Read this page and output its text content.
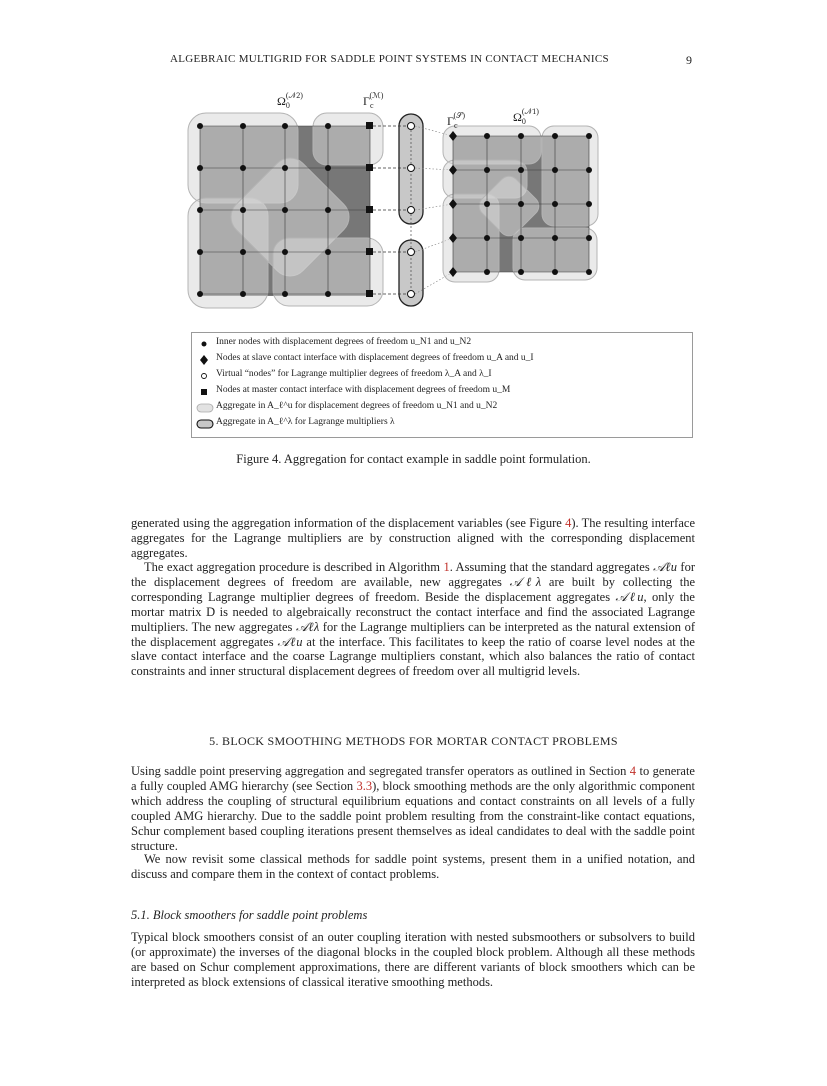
ALGEBRAIC MULTIGRID FOR SADDLE POINT SYSTEMS IN CONTACT MECHANICS	9
$\Omega_0(𝒩2)$	$\Gamma_c(ℳ)$
$\Gamma_c(𝒮)$	$\Omega_0(𝒩1)$
Inner nodes with displacement degrees of freedom u_N1 and u_N2
Nodes at slave contact interface with displacement degrees of freedom u_A and u_I
Virtual “nodes” for Lagrange multiplier degrees of freedom λ_A and λ_I
Nodes at master contact interface with displacement degrees of freedom u_M
Aggregate in A_ℓ^u for displacement degrees of freedom u_N1 and u_N2
Aggregate in A_ℓ^λ for Lagrange multipliers λ
Figure 4. Aggregation for contact example in saddle point formulation.

generated using the aggregation information of the displacement variables (see Figure 4). The resulting interface aggregates for the Lagrange multipliers are by construction aligned with the corresponding displacement aggregates.

The exact aggregation procedure is described in Algorithm 1. Assuming that the standard aggregates 𝒜ℓu for the displacement degrees of freedom are available, new aggregates 𝒜ℓλ are built by collecting the corresponding Lagrange multiplier degrees of freedom. Beside the displacement aggregates 𝒜ℓu, only the mortar matrix D is needed to algebraically reconstruct the contact interface and find the associated Lagrange multipliers. The new aggregates 𝒜ℓλ for the Lagrange multipliers can be interpreted as the natural extension of the displacement aggregates 𝒜ℓu at the interface. This facilitates to keep the ratio of coarse level nodes at the slave contact interface and the coarse Lagrange multipliers constant, which also balances the ratio of contact constraints and inner structural displacement degrees of freedom over all multigrid levels.

5. BLOCK SMOOTHING METHODS FOR MORTAR CONTACT PROBLEMS

Using saddle point preserving aggregation and segregated transfer operators as outlined in Section 4 to generate a fully coupled AMG hierarchy (see Section 3.3), block smoothing methods are the only algorithmic component which address the coupling of structural equilibrium equations and contact constraints on all levels of a fully coupled AMG hierarchy. Due to the saddle point problem resulting from the constraint-like contact equations, Schur complement based coupling iterations present themselves as ideal candidates to deal with the saddle point structure.

We now revisit some classical methods for saddle point systems, present them in a unified notation, and discuss and compare them in the context of contact problems.

5.1. Block smoothers for saddle point problems

Typical block smoothers consist of an outer coupling iteration with nested subsmoothers or subsolvers to build (or approximate) the inverses of the diagonal blocks in the coupled block problem. Although all these methods are based on Schur complement approximations, there are different variants of block smoothers which can be interpreted as block extensions of classical iterative smoothing methods.
